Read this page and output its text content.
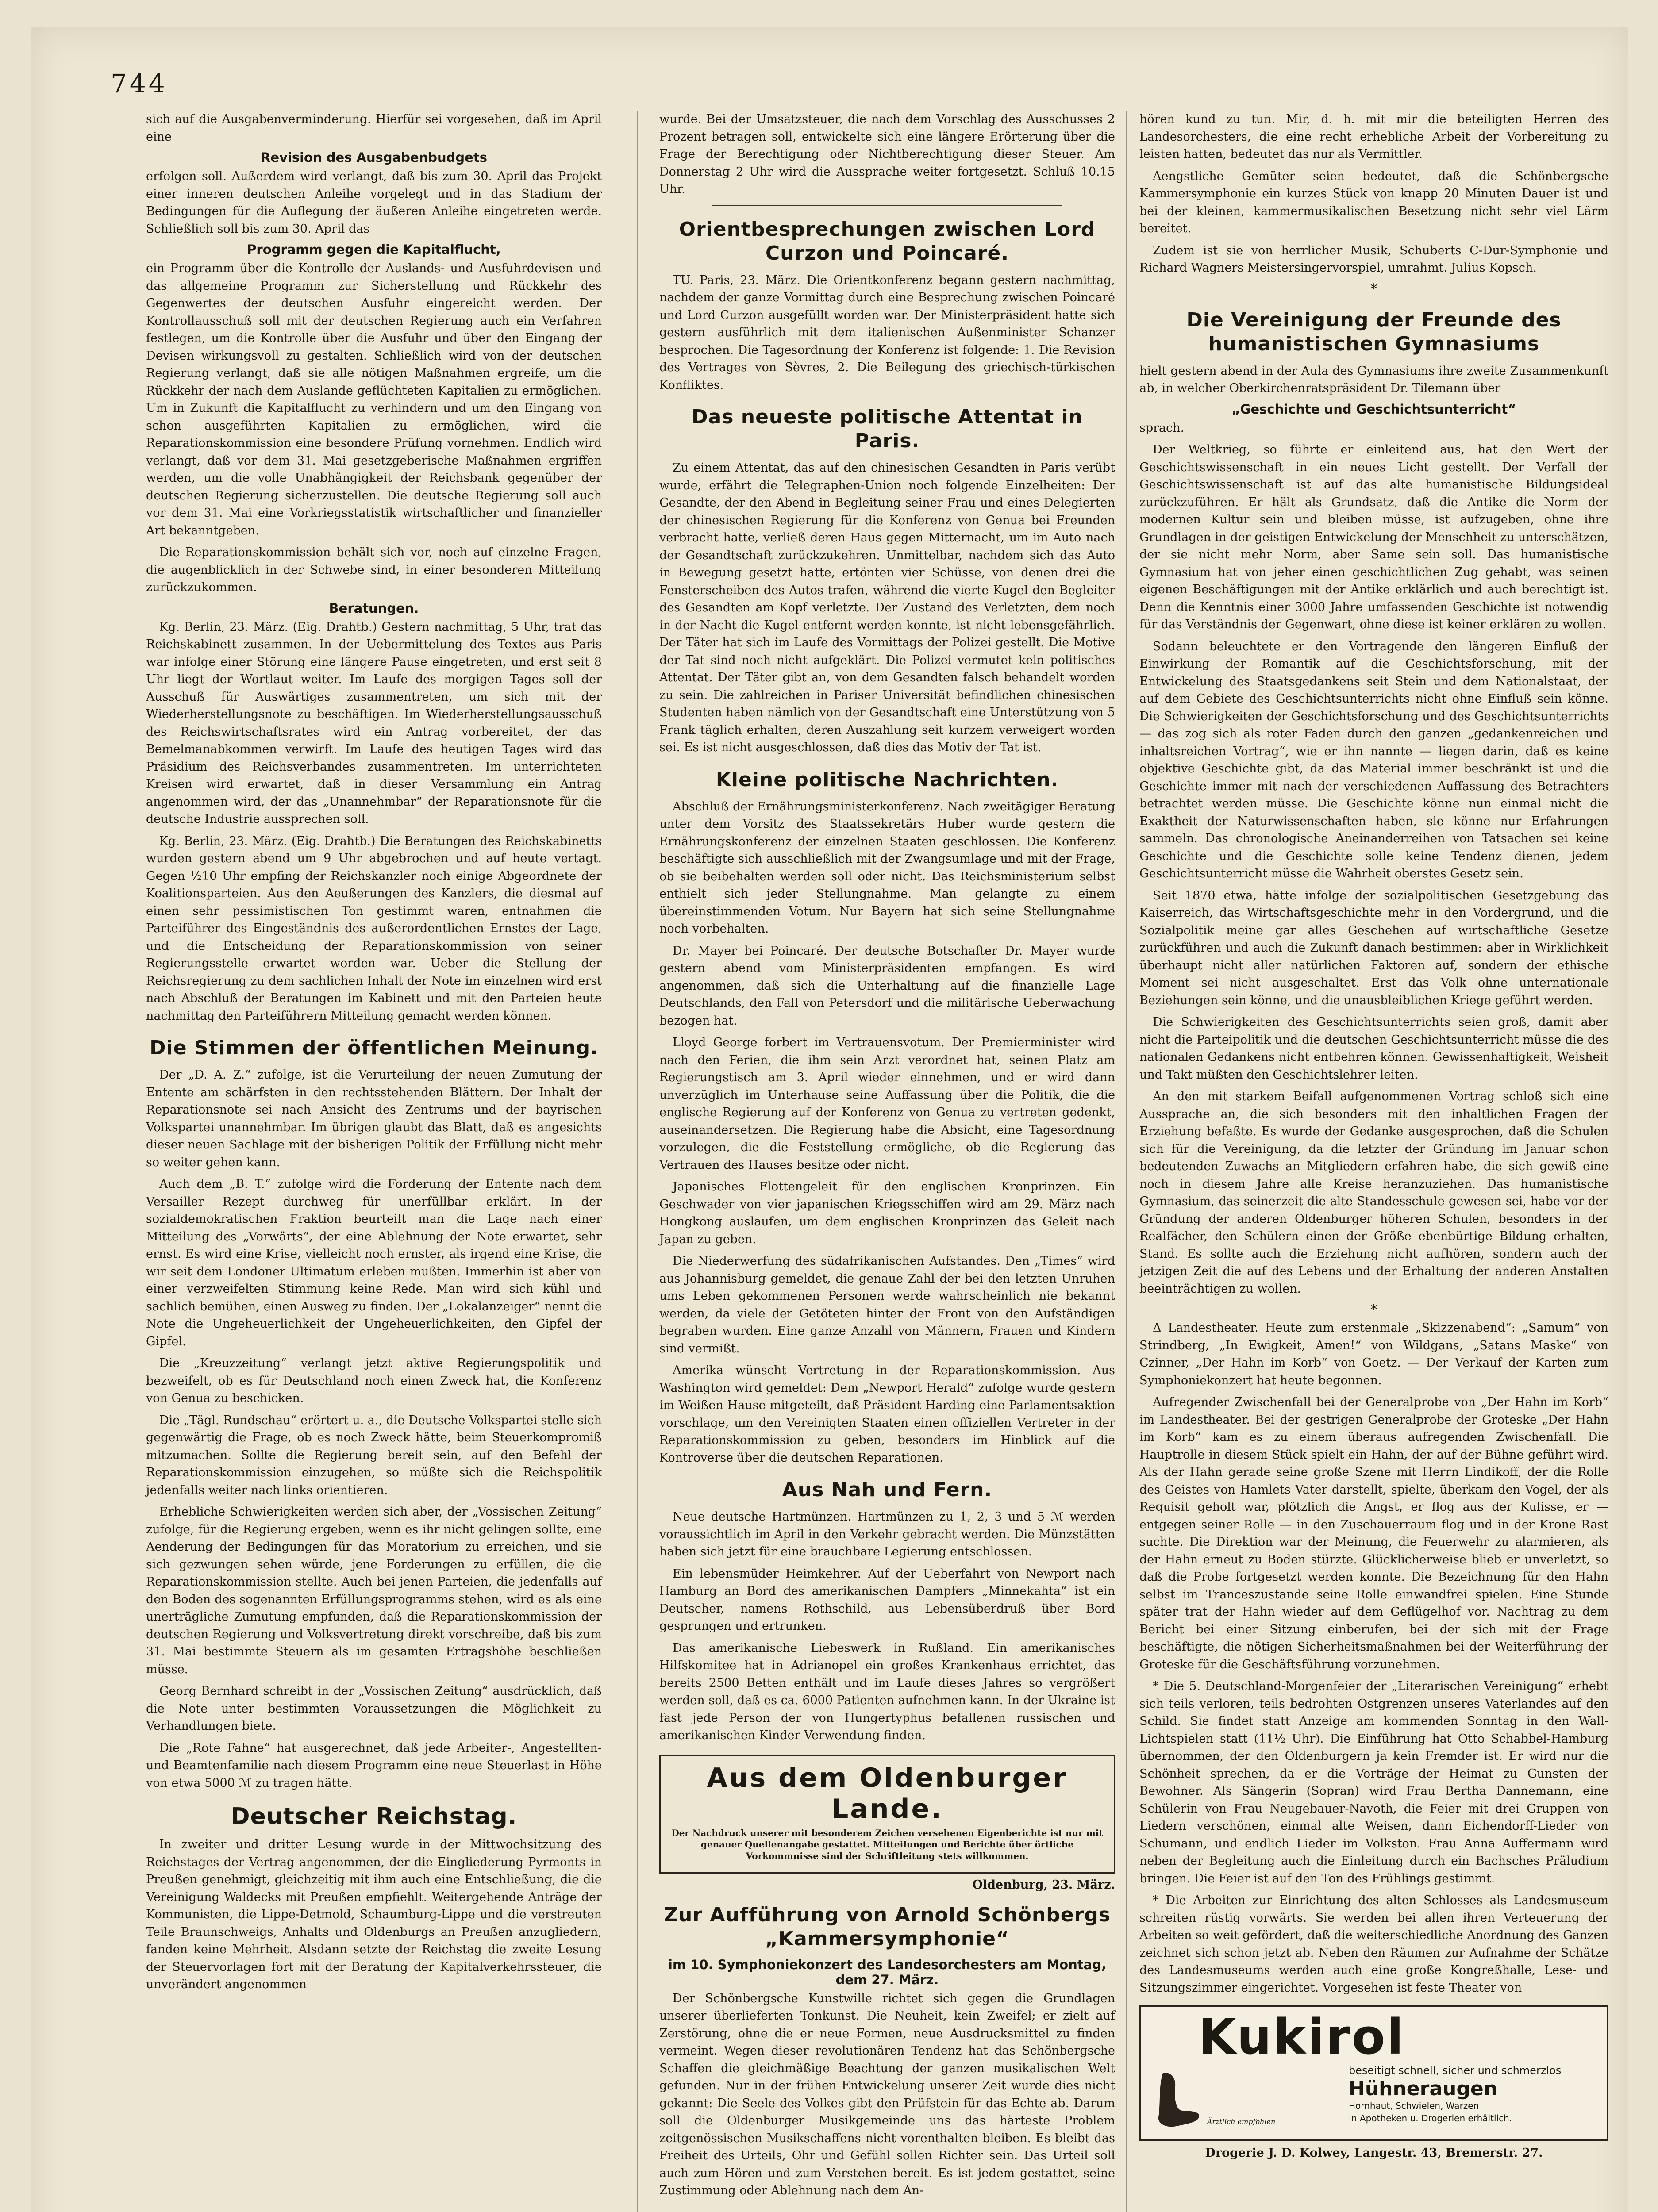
744

sich auf die Ausgabenverminderung. Hierfür sei vorgesehen, daß im April eine

Revision des Ausgabenbudgets

erfolgen soll. Außerdem wird verlangt, daß bis zum 30. April das Projekt einer inneren deutschen Anleihe vorgelegt und in das Stadium der Bedingungen für die Auflegung der äußeren Anleihe eingetreten werde. Schließlich soll bis zum 30. April das

Programm gegen die Kapitalflucht,

ein Programm über die Kontrolle der Auslands- und Ausfuhrdevisen und das allgemeine Programm zur Sicherstellung und Rückkehr des Gegenwertes der deutschen Ausfuhr eingereicht werden. Der Kontrollausschuß soll mit der deutschen Regierung auch ein Verfahren festlegen, um die Kontrolle über die Ausfuhr und über den Eingang der Devisen wirkungsvoll zu gestalten. Schließlich wird von der deutschen Regierung verlangt, daß sie alle nötigen Maßnahmen ergreife, um die Rückkehr der nach dem Auslande geflüchteten Kapitalien zu ermöglichen. Um in Zukunft die Kapitalflucht zu verhindern und um den Eingang von schon ausgeführten Kapitalien zu ermöglichen, wird die Reparationskommission eine besondere Prüfung vornehmen. Endlich wird verlangt, daß vor dem 31. Mai gesetzgeberische Maßnahmen ergriffen werden, um die volle Unabhängigkeit der Reichsbank gegenüber der deutschen Regierung sicherzustellen. Die deutsche Regierung soll auch vor dem 31. Mai eine Vorkriegsstatistik wirtschaftlicher und finanzieller Art bekanntgeben.

Die Reparationskommission behält sich vor, noch auf einzelne Fragen, die augenblicklich in der Schwebe sind, in einer besonderen Mitteilung zurückzukommen.

Beratungen.

Kg. Berlin, 23. März. (Eig. Drahtb.) Gestern nachmittag, 5 Uhr, trat das Reichskabinett zusammen. In der Uebermittelung des Textes aus Paris war infolge einer Störung eine längere Pause eingetreten, und erst seit 8 Uhr liegt der Wortlaut weiter. Im Laufe des morgigen Tages soll der Ausschuß für Auswärtiges zusammentreten, um sich mit der Wiederherstellungsnote zu beschäftigen. Im Wiederherstellungsausschuß des Reichswirtschaftsrates wird ein Antrag vorbereitet, der das Bemelmanabkommen verwirft. Im Laufe des heutigen Tages wird das Präsidium des Reichsverbandes zusammentreten. Im unterrichteten Kreisen wird erwartet, daß in dieser Versammlung ein Antrag angenommen wird, der das „Unannehmbar“ der Reparationsnote für die deutsche Industrie aussprechen soll.

Kg. Berlin, 23. März. (Eig. Drahtb.) Die Beratungen des Reichskabinetts wurden gestern abend um 9 Uhr abgebrochen und auf heute vertagt. Gegen ½10 Uhr empfing der Reichskanzler noch einige Abgeordnete der Koalitionsparteien. Aus den Aeußerungen des Kanzlers, die diesmal auf einen sehr pessimistischen Ton gestimmt waren, entnahmen die Parteiführer des Eingeständnis des außerordentlichen Ernstes der Lage, und die Entscheidung der Reparationskommission von seiner Regierungsstelle erwartet worden war. Ueber die Stellung der Reichsregierung zu dem sachlichen Inhalt der Note im einzelnen wird erst nach Abschluß der Beratungen im Kabinett und mit den Parteien heute nachmittag den Parteiführern Mitteilung gemacht werden können.

Die Stimmen der öffentlichen Meinung.

Der „D. A. Z.“ zufolge, ist die Verurteilung der neuen Zumutung der Entente am schärfsten in den rechtsstehenden Blättern. Der Inhalt der Reparationsnote sei nach Ansicht des Zentrums und der bayrischen Volkspartei unannehmbar. Im übrigen glaubt das Blatt, daß es angesichts dieser neuen Sachlage mit der bisherigen Politik der Erfüllung nicht mehr so weiter gehen kann.

Auch dem „B. T.“ zufolge wird die Forderung der Entente nach dem Versailler Rezept durchweg für unerfüllbar erklärt. In der sozialdemokratischen Fraktion beurteilt man die Lage nach einer Mitteilung des „Vorwärts“, der eine Ablehnung der Note erwartet, sehr ernst. Es wird eine Krise, vielleicht noch ernster, als irgend eine Krise, die wir seit dem Londoner Ultimatum erleben mußten. Immerhin ist aber von einer verzweifelten Stimmung keine Rede. Man wird sich kühl und sachlich bemühen, einen Ausweg zu finden. Der „Lokalanzeiger“ nennt die Note die Ungeheuerlichkeit der Ungeheuerlichkeiten, den Gipfel der Gipfel.

Die „Kreuzzeitung“ verlangt jetzt aktive Regierungspolitik und bezweifelt, ob es für Deutschland noch einen Zweck hat, die Konferenz von Genua zu beschicken.

Die „Tägl. Rundschau“ erörtert u. a., die Deutsche Volkspartei stelle sich gegenwärtig die Frage, ob es noch Zweck hätte, beim Steuerkompromiß mitzumachen. Sollte die Regierung bereit sein, auf den Befehl der Reparationskommission einzugehen, so müßte sich die Reichspolitik jedenfalls weiter nach links orientieren.

Erhebliche Schwierigkeiten werden sich aber, der „Vossischen Zeitung“ zufolge, für die Regierung ergeben, wenn es ihr nicht gelingen sollte, eine Aenderung der Bedingungen für das Moratorium zu erreichen, und sie sich gezwungen sehen würde, jene Forderungen zu erfüllen, die die Reparationskommission stellte. Auch bei jenen Parteien, die jedenfalls auf den Boden des sogenannten Erfüllungsprogramms stehen, wird es als eine unerträgliche Zumutung empfunden, daß die Reparationskommission der deutschen Regierung und Volksvertretung direkt vorschreibe, daß bis zum 31. Mai bestimmte Steuern als im gesamten Ertragshöhe beschließen müsse.

Georg Bernhard schreibt in der „Vossischen Zeitung“ ausdrücklich, daß die Note unter bestimmten Voraussetzungen die Möglichkeit zu Verhandlungen biete.

Die „Rote Fahne“ hat ausgerechnet, daß jede Arbeiter-, Angestellten- und Beamtenfamilie nach diesem Programm eine neue Steuerlast in Höhe von etwa 5000 ℳ zu tragen hätte.

Deutscher Reichstag.

In zweiter und dritter Lesung wurde in der Mittwochsitzung des Reichstages der Vertrag angenommen, der die Eingliederung Pyrmonts in Preußen genehmigt, gleichzeitig mit ihm auch eine Entschließung, die die Vereinigung Waldecks mit Preußen empfiehlt. Weitergehende Anträge der Kommunisten, die Lippe-Detmold, Schaumburg-Lippe und die verstreuten Teile Braunschweigs, Anhalts und Oldenburgs an Preußen anzugliedern, fanden keine Mehrheit. Alsdann setzte der Reichstag die zweite Lesung der Steuervorlagen fort mit der Beratung der Kapitalverkehrssteuer, die unverändert angenommen

wurde. Bei der Umsatzsteuer, die nach dem Vorschlag des Ausschusses 2 Prozent betragen soll, entwickelte sich eine längere Erörterung über die Frage der Berechtigung oder Nichtberechtigung dieser Steuer. Am Donnerstag 2 Uhr wird die Aussprache weiter fortgesetzt. Schluß 10.15 Uhr.

Orientbesprechungen zwischen Lord Curzon und Poincaré.

TU. Paris, 23. März. Die Orientkonferenz begann gestern nachmittag, nachdem der ganze Vormittag durch eine Besprechung zwischen Poincaré und Lord Curzon ausgefüllt worden war. Der Ministerpräsident hatte sich gestern ausführlich mit dem italienischen Außenminister Schanzer besprochen. Die Tagesordnung der Konferenz ist folgende: 1. Die Revision des Vertrages von Sèvres, 2. Die Beilegung des griechisch-türkischen Konfliktes.

Das neueste politische Attentat in Paris.

Zu einem Attentat, das auf den chinesischen Gesandten in Paris verübt wurde, erfährt die Telegraphen-Union noch folgende Einzelheiten: Der Gesandte, der den Abend in Begleitung seiner Frau und eines Delegierten der chinesischen Regierung für die Konferenz von Genua bei Freunden verbracht hatte, verließ deren Haus gegen Mitternacht, um im Auto nach der Gesandtschaft zurückzukehren. Unmittelbar, nachdem sich das Auto in Bewegung gesetzt hatte, ertönten vier Schüsse, von denen drei die Fensterscheiben des Autos trafen, während die vierte Kugel den Begleiter des Gesandten am Kopf verletzte. Der Zustand des Verletzten, dem noch in der Nacht die Kugel entfernt werden konnte, ist nicht lebensgefährlich. Der Täter hat sich im Laufe des Vormittags der Polizei gestellt. Die Motive der Tat sind noch nicht aufgeklärt. Die Polizei vermutet kein politisches Attentat. Der Täter gibt an, von dem Gesandten falsch behandelt worden zu sein. Die zahlreichen in Pariser Universität befindlichen chinesischen Studenten haben nämlich von der Gesandtschaft eine Unterstützung von 5 Frank täglich erhalten, deren Auszahlung seit kurzem verweigert worden sei. Es ist nicht ausgeschlossen, daß dies das Motiv der Tat ist.

Kleine politische Nachrichten.

Abschluß der Ernährungsministerkonferenz. Nach zweitägiger Beratung unter dem Vorsitz des Staatssekretärs Huber wurde gestern die Ernährungskonferenz der einzelnen Staaten geschlossen. Die Konferenz beschäftigte sich ausschließlich mit der Zwangsumlage und mit der Frage, ob sie beibehalten werden soll oder nicht. Das Reichsministerium selbst enthielt sich jeder Stellungnahme. Man gelangte zu einem übereinstimmenden Votum. Nur Bayern hat sich seine Stellungnahme noch vorbehalten.

Dr. Mayer bei Poincaré. Der deutsche Botschafter Dr. Mayer wurde gestern abend vom Ministerpräsidenten empfangen. Es wird angenommen, daß sich die Unterhaltung auf die finanzielle Lage Deutschlands, den Fall von Petersdorf und die militärische Ueberwachung bezogen hat.

Lloyd George forbert im Vertrauensvotum. Der Premierminister wird nach den Ferien, die ihm sein Arzt verordnet hat, seinen Platz am Regierungstisch am 3. April wieder einnehmen, und er wird dann unverzüglich im Unterhause seine Auffassung über die Politik, die die englische Regierung auf der Konferenz von Genua zu vertreten gedenkt, auseinandersetzen. Die Regierung habe die Absicht, eine Tagesordnung vorzulegen, die die Feststellung ermögliche, ob die Regierung das Vertrauen des Hauses besitze oder nicht.

Japanisches Flottengeleit für den englischen Kronprinzen. Ein Geschwader von vier japanischen Kriegsschiffen wird am 29. März nach Hongkong auslaufen, um dem englischen Kronprinzen das Geleit nach Japan zu geben.

Die Niederwerfung des südafrikanischen Aufstandes. Den „Times“ wird aus Johannisburg gemeldet, die genaue Zahl der bei den letzten Unruhen ums Leben gekommenen Personen werde wahrscheinlich nie bekannt werden, da viele der Getöteten hinter der Front von den Aufständigen begraben wurden. Eine ganze Anzahl von Männern, Frauen und Kindern sind vermißt.

Amerika wünscht Vertretung in der Reparationskommission. Aus Washington wird gemeldet: Dem „Newport Herald“ zufolge wurde gestern im Weißen Hause mitgeteilt, daß Präsident Harding eine Parlamentsaktion vorschlage, um den Vereinigten Staaten einen offiziellen Vertreter in der Reparationskommission zu geben, besonders im Hinblick auf die Kontroverse über die deutschen Reparationen.

Aus Nah und Fern.

Neue deutsche Hartmünzen. Hartmünzen zu 1, 2, 3 und 5 ℳ werden voraussichtlich im April in den Verkehr gebracht werden. Die Münzstätten haben sich jetzt für eine brauchbare Legierung entschlossen.

Ein lebensmüder Heimkehrer. Auf der Ueberfahrt von Newport nach Hamburg an Bord des amerikanischen Dampfers „Minnekahta“ ist ein Deutscher, namens Rothschild, aus Lebensüberdruß über Bord gesprungen und ertrunken.

Das amerikanische Liebeswerk in Rußland. Ein amerikanisches Hilfskomitee hat in Adrianopel ein großes Krankenhaus errichtet, das bereits 2500 Betten enthält und im Laufe dieses Jahres so vergrößert werden soll, daß es ca. 6000 Patienten aufnehmen kann. In der Ukraine ist fast jede Person der von Hungertyphus befallenen russischen und amerikanischen Kinder Verwendung finden.

Aus dem Oldenburger Lande.
Der Nachdruck unserer mit besonderem Zeichen versehenen Eigenberichte ist nur mit genauer Quellenangabe gestattet. Mitteilungen und Berichte über örtliche Vorkommnisse sind der Schriftleitung stets willkommen.
Oldenburg, 23. März.
Zur Aufführung von Arnold Schönbergs „Kammersymphonie“
im 10. Symphoniekonzert des Landesorchesters am Montag, dem 27. März.

Der Schönbergsche Kunstwille richtet sich gegen die Grundlagen unserer überlieferten Tonkunst. Die Neuheit, kein Zweifel; er zielt auf Zerstörung, ohne die er neue Formen, neue Ausdrucksmittel zu finden vermeint. Wegen dieser revolutionären Tendenz hat das Schönbergsche Schaffen die gleichmäßige Beachtung der ganzen musikalischen Welt gefunden. Nur in der frühen Entwickelung unserer Zeit wurde dies nicht gekannt: Die Seele des Volkes gibt den Prüfstein für das Echte ab. Darum soll die Oldenburger Musikgemeinde uns das härteste Problem zeitgenössischen Musikschaffens nicht vorenthalten bleiben. Es bleibt das Freiheit des Urteils, Ohr und Gefühl sollen Richter sein. Das Urteil soll auch zum Hören und zum Verstehen bereit. Es ist jedem gestattet, seine Zustimmung oder Ablehnung nach dem An-

hören kund zu tun. Mir, d. h. mit mir die beteiligten Herren des Landesorchesters, die eine recht erhebliche Arbeit der Vorbereitung zu leisten hatten, bedeutet das nur als Vermittler.

Aengstliche Gemüter seien bedeutet, daß die Schönbergsche Kammersymphonie ein kurzes Stück von knapp 20 Minuten Dauer ist und bei der kleinen, kammermusikalischen Besetzung nicht sehr viel Lärm bereitet.

Zudem ist sie von herrlicher Musik, Schuberts C-Dur-Symphonie und Richard Wagners Meistersingervorspiel, umrahmt. Julius Kopsch.

*
Die Vereinigung der Freunde des humanistischen Gymnasiums

hielt gestern abend in der Aula des Gymnasiums ihre zweite Zusammenkunft ab, in welcher Oberkirchenratspräsident Dr. Tilemann über

„Geschichte und Geschichtsunterricht“

sprach.

Der Weltkrieg, so führte er einleitend aus, hat den Wert der Geschichtswissenschaft in ein neues Licht gestellt. Der Verfall der Geschichtswissenschaft ist auf das alte humanistische Bildungsideal zurückzuführen. Er hält als Grundsatz, daß die Antike die Norm der modernen Kultur sein und bleiben müsse, ist aufzugeben, ohne ihre Grundlagen in der geistigen Entwickelung der Menschheit zu unterschätzen, der sie nicht mehr Norm, aber Same sein soll. Das humanistische Gymnasium hat von jeher einen geschichtlichen Zug gehabt, was seinen eigenen Beschäftigungen mit der Antike erklärlich und auch berechtigt ist. Denn die Kenntnis einer 3000 Jahre umfassenden Geschichte ist notwendig für das Verständnis der Gegenwart, ohne diese ist keiner erklären zu wollen.

Sodann beleuchtete er den Vortragende den längeren Einfluß der Einwirkung der Romantik auf die Geschichtsforschung, mit der Entwickelung des Staatsgedankens seit Stein und dem Nationalstaat, der auf dem Gebiete des Geschichtsunterrichts nicht ohne Einfluß sein könne. Die Schwierigkeiten der Geschichtsforschung und des Geschichtsunterrichts — das zog sich als roter Faden durch den ganzen „gedankenreichen und inhaltsreichen Vortrag“, wie er ihn nannte — liegen darin, daß es keine objektive Geschichte gibt, da das Material immer beschränkt ist und die Geschichte immer mit nach der verschiedenen Auffassung des Betrachters betrachtet werden müsse. Die Geschichte könne nun einmal nicht die Exaktheit der Naturwissenschaften haben, sie könne nur Erfahrungen sammeln. Das chronologische Aneinanderreihen von Tatsachen sei keine Geschichte und die Geschichte solle keine Tendenz dienen, jedem Geschichtsunterricht müsse die Wahrheit oberstes Gesetz sein.

Seit 1870 etwa, hätte infolge der sozialpolitischen Gesetzgebung das Kaiserreich, das Wirtschaftsgeschichte mehr in den Vordergrund, und die Sozialpolitik meine gar alles Geschehen auf wirtschaftliche Gesetze zurückführen und auch die Zukunft danach bestimmen: aber in Wirklichkeit überhaupt nicht aller natürlichen Faktoren auf, sondern der ethische Moment sei nicht ausgeschaltet. Erst das Volk ohne unternationale Beziehungen sein könne, und die unausbleiblichen Kriege geführt werden.

Die Schwierigkeiten des Geschichtsunterrichts seien groß, damit aber nicht die Parteipolitik und die deutschen Geschichtsunterricht müsse die des nationalen Gedankens nicht entbehren können. Gewissenhaftigkeit, Weisheit und Takt müßten den Geschichtslehrer leiten.

An den mit starkem Beifall aufgenommenen Vortrag schloß sich eine Aussprache an, die sich besonders mit den inhaltlichen Fragen der Erziehung befaßte. Es wurde der Gedanke ausgesprochen, daß die Schulen sich für die Vereinigung, da die letzter der Gründung im Januar schon bedeutenden Zuwachs an Mitgliedern erfahren habe, die sich gewiß eine noch in diesem Jahre alle Kreise heranzuziehen. Das humanistische Gymnasium, das seinerzeit die alte Standesschule gewesen sei, habe vor der Gründung der anderen Oldenburger höheren Schulen, besonders in der Realfächer, den Schülern einen der Größe ebenbürtige Bildung erhalten, Stand. Es sollte auch die Erziehung nicht aufhören, sondern auch der jetzigen Zeit die auf des Lebens und der Erhaltung der anderen Anstalten beeinträchtigen zu wollen.

*

Δ Landestheater. Heute zum erstenmale „Skizzenabend“: „Samum“ von Strindberg, „In Ewigkeit, Amen!“ von Wildgans, „Satans Maske“ von Czinner, „Der Hahn im Korb“ von Goetz. — Der Verkauf der Karten zum Symphoniekonzert hat heute begonnen.

Aufregender Zwischenfall bei der Generalprobe von „Der Hahn im Korb“ im Landestheater. Bei der gestrigen Generalprobe der Groteske „Der Hahn im Korb“ kam es zu einem überaus aufregenden Zwischenfall. Die Hauptrolle in diesem Stück spielt ein Hahn, der auf der Bühne geführt wird. Als der Hahn gerade seine große Szene mit Herrn Lindikoff, der die Rolle des Geistes von Hamlets Vater darstellt, spielte, überkam den Vogel, der als Requisit geholt war, plötzlich die Angst, er flog aus der Kulisse, er — entgegen seiner Rolle — in den Zuschauerraum flog und in der Krone Rast suchte. Die Direktion war der Meinung, die Feuerwehr zu alarmieren, als der Hahn erneut zu Boden stürzte. Glücklicherweise blieb er unverletzt, so daß die Probe fortgesetzt werden konnte. Die Bezeichnung für den Hahn selbst im Tranceszustande seine Rolle einwandfrei spielen. Eine Stunde später trat der Hahn wieder auf dem Geflügelhof vor. Nachtrag zu dem Bericht bei einer Sitzung einberufen, bei der sich mit der Frage beschäftigte, die nötigen Sicherheitsmaßnahmen bei der Weiterführung der Groteske für die Geschäftsführung vorzunehmen.

* Die 5. Deutschland-Morgenfeier der „Literarischen Vereinigung“ erhebt sich teils verloren, teils bedrohten Ostgrenzen unseres Vaterlandes auf den Schild. Sie findet statt Anzeige am kommenden Sonntag in den Wall-Lichtspielen statt (11½ Uhr). Die Einführung hat Otto Schabbel-Hamburg übernommen, der den Oldenburgern ja kein Fremder ist. Er wird nur die Schönheit sprechen, da er die Vorträge der Heimat zu Gunsten der Bewohner. Als Sängerin (Sopran) wird Frau Bertha Dannemann, eine Schülerin von Frau Neugebauer-Navoth, die Feier mit drei Gruppen von Liedern verschönen, einmal alte Weisen, dann Eichendorff-Lieder von Schumann, und endlich Lieder im Volkston. Frau Anna Auffermann wird neben der Begleitung auch die Einleitung durch ein Bachsches Präludium bringen. Die Feier ist auf den Ton des Frühlings gestimmt.

* Die Arbeiten zur Einrichtung des alten Schlosses als Landesmuseum schreiten rüstig vorwärts. Sie werden bei allen ihren Verteuerung der Arbeiten so weit gefördert, daß die weiterschiedliche Anordnung des Ganzen zeichnet sich schon jetzt ab. Neben den Räumen zur Aufnahme der Schätze des Landesmuseums werden auch eine große Kongreßhalle, Lese- und Sitzungszimmer eingerichtet. Vorgesehen ist feste Theater von

Kukirol
beseitigt schnell, sicher und schmerzlos
Hühneraugen
Hornhaut, Schwielen, Warzen
In Apotheken u. Drogerien erhältlich.
Ärztlich empfohlen
Drogerie J. D. Kolwey, Langestr. 43, Bremerstr. 27.
